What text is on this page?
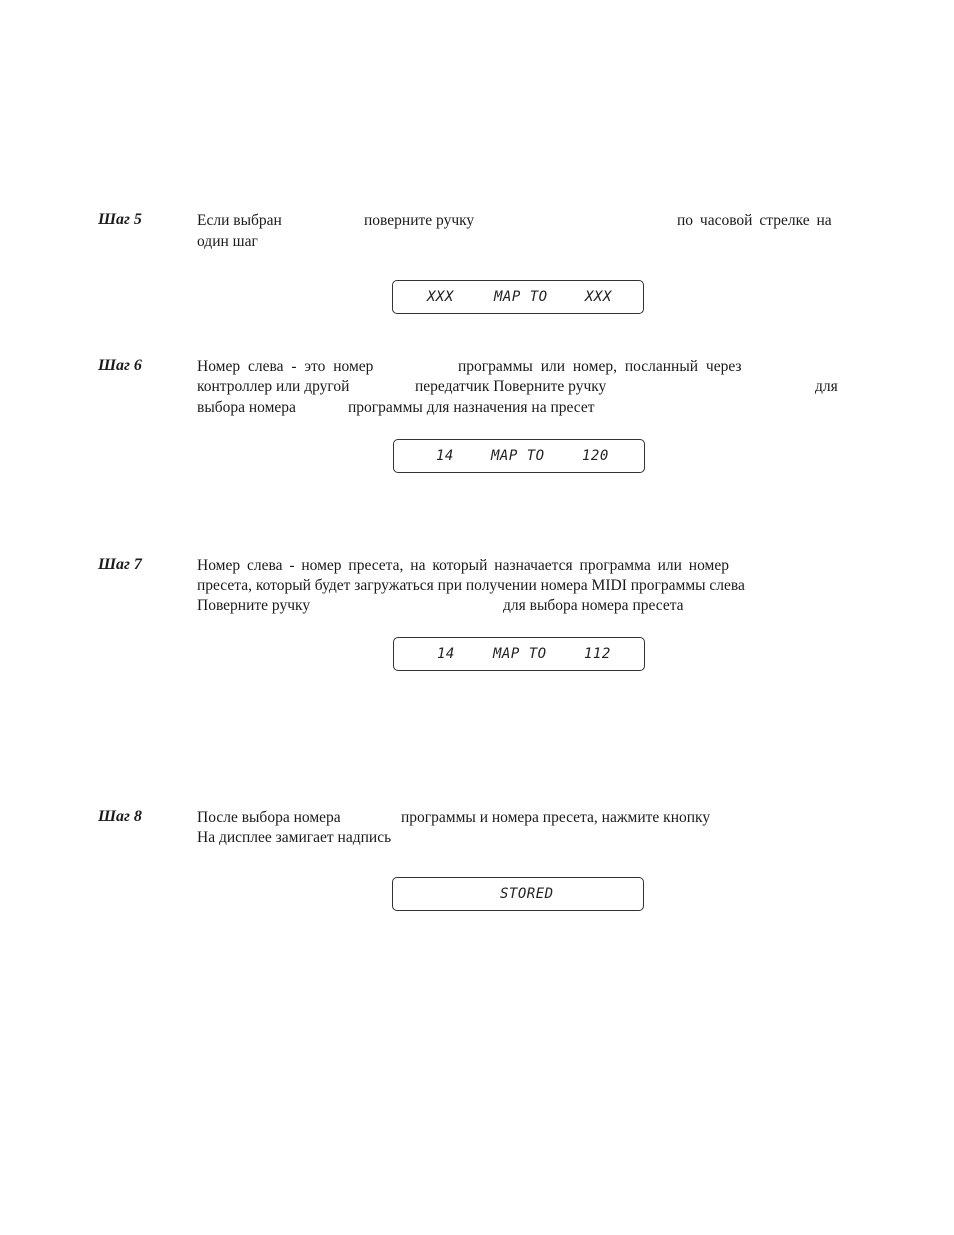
Шаг 5	Если выбран	поверните ручку	по часовой стрелке на
один шаг
XXX	MAP TO	XXX
Шаг 6	Номер слева - это номер	программы или номер, посланный через
контроллер или другой	передатчик Поверните ручку	для
выбора номера	программы для назначения на пресет
14	MAP TO	120
Шаг 7	Номер слева - номер пресета, на который назначается программа или номер
пресета, который будет загружаться при получении номера MIDI программы слева
Поверните ручку	для выбора номера пресета
14	MAP TO	112
Шаг 8	После выбора номера	программы и номера пресета, нажмите кнопку
На дисплее замигает надпись
STORED
